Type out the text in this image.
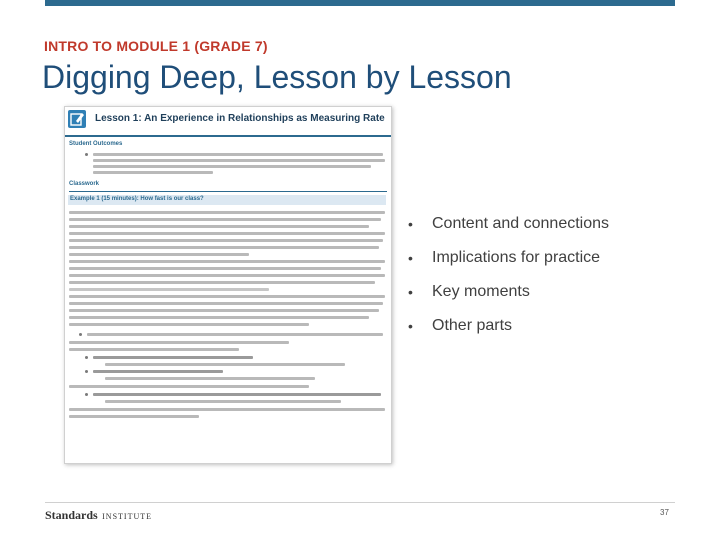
INTRO TO MODULE 1 (GRADE 7)
Digging Deep, Lesson by Lesson
Lesson 1: An Experience in Relationships as Measuring Rate
Student Outcomes
Classwork
Example 1 (15 minutes): How fast is our class?
• Content and connections
• Implications for practice
• Key moments
• Other parts
Standards INSTITUTE	37
